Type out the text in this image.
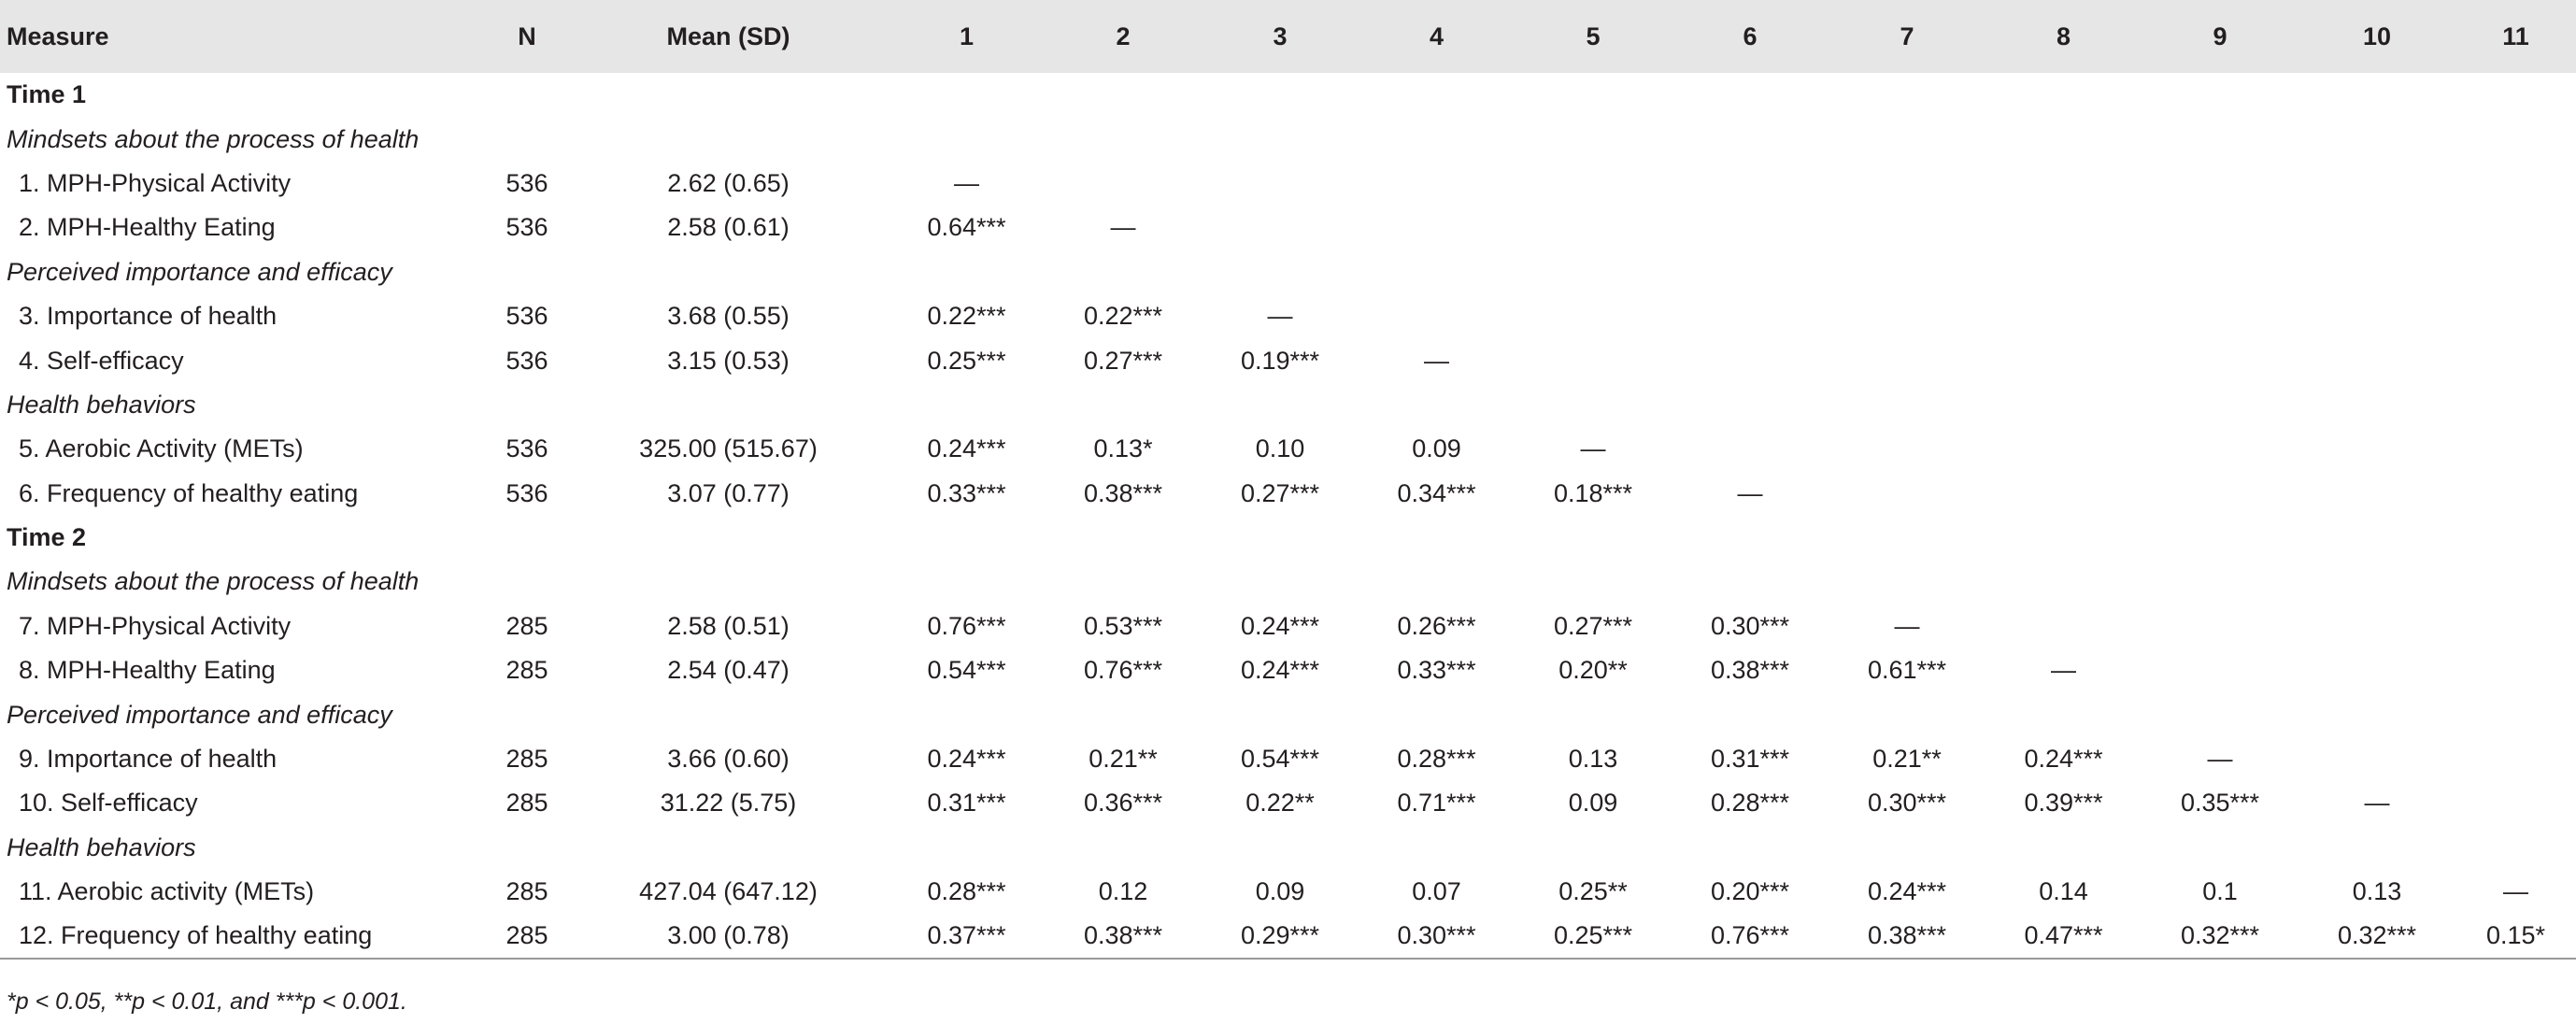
Measure	N	Mean (SD)	1	2	3	4	5	6	7	8	9	10	11
Time 1													
Mindsets about the process of health													
1. MPH-Physical Activity	536	2.62 (0.65)	—										
2. MPH-Healthy Eating	536	2.58 (0.61)	0.64***	—									
Perceived importance and efficacy													
3. Importance of health	536	3.68 (0.55)	0.22***	0.22***	—								
4. Self-efficacy	536	3.15 (0.53)	0.25***	0.27***	0.19***	—							
Health behaviors													
5. Aerobic Activity (METs)	536	325.00 (515.67)	0.24***	0.13*	0.10	0.09	—						
6. Frequency of healthy eating	536	3.07 (0.77)	0.33***	0.38***	0.27***	0.34***	0.18***	—					
Time 2													
Mindsets about the process of health													
7. MPH-Physical Activity	285	2.58 (0.51)	0.76***	0.53***	0.24***	0.26***	0.27***	0.30***	—				
8. MPH-Healthy Eating	285	2.54 (0.47)	0.54***	0.76***	0.24***	0.33***	0.20**	0.38***	0.61***	—			
Perceived importance and efficacy													
9. Importance of health	285	3.66 (0.60)	0.24***	0.21**	0.54***	0.28***	0.13	0.31***	0.21**	0.24***	—		
10. Self-efficacy	285	31.22 (5.75)	0.31***	0.36***	0.22**	0.71***	0.09	0.28***	0.30***	0.39***	0.35***	—	
Health behaviors													
11. Aerobic activity (METs)	285	427.04 (647.12)	0.28***	0.12	0.09	0.07	0.25**	0.20***	0.24***	0.14	0.1	0.13	—
12. Frequency of healthy eating	285	3.00 (0.78)	0.37***	0.38***	0.29***	0.30***	0.25***	0.76***	0.38***	0.47***	0.32***	0.32***	0.15*
*p < 0.05, **p < 0.01, and ***p < 0.001.
